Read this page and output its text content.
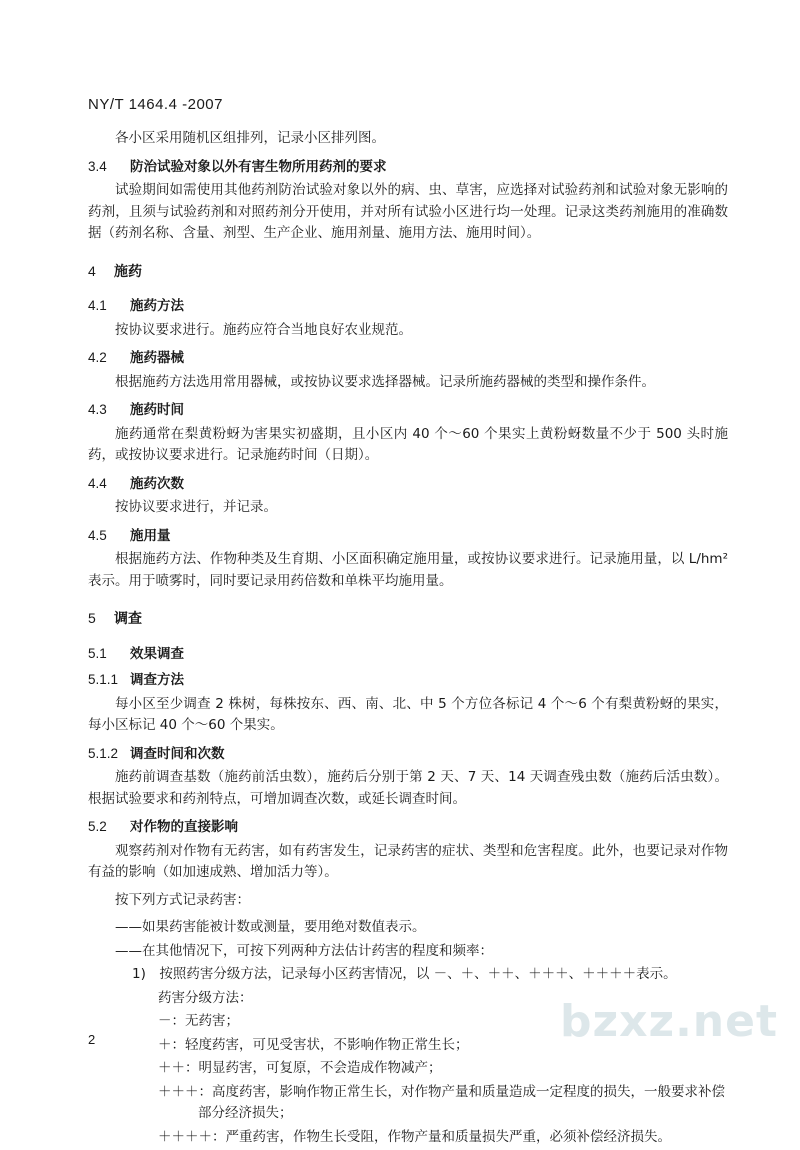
NY/T 1464.4 -2007
各小区采用随机区组排列，记录小区排列图。
3.4 防治试验对象以外有害生物所用药剂的要求
试验期间如需使用其他药剂防治试验对象以外的病、虫、草害，应选择对试验药剂和试验对象无影响的药剂，且须与试验药剂和对照药剂分开使用，并对所有试验小区进行均一处理。记录这类药剂施用的准确数据（药剂名称、含量、剂型、生产企业、施用剂量、施用方法、施用时间）。
4 施药
4.1 施药方法
按协议要求进行。施药应符合当地良好农业规范。
4.2 施药器械
根据施药方法选用常用器械，或按协议要求选择器械。记录所施药器械的类型和操作条件。
4.3 施药时间
施药通常在梨黄粉蚜为害果实初盛期，且小区内 40 个～60 个果实上黄粉蚜数量不少于 500 头时施药，或按协议要求进行。记录施药时间（日期）。
4.4 施药次数
按协议要求进行，并记录。
4.5 施用量
根据施药方法、作物种类及生育期、小区面积确定施用量，或按协议要求进行。记录施用量，以 L/hm² 表示。用于喷雾时，同时要记录用药倍数和单株平均施用量。
5 调查
5.1 效果调查
5.1.1 调查方法
每小区至少调查 2 株树，每株按东、西、南、北、中 5 个方位各标记 4 个～6 个有梨黄粉蚜的果实，每小区标记 40 个～60 个果实。
5.1.2 调查时间和次数
施药前调查基数（施药前活虫数），施药后分别于第 2 天、7 天、14 天调查残虫数（施药后活虫数）。根据试验要求和药剂特点，可增加调查次数，或延长调查时间。
5.2 对作物的直接影响
观察药剂对作物有无药害，如有药害发生，记录药害的症状、类型和危害程度。此外，也要记录对作物有益的影响（如加速成熟、增加活力等）。
按下列方式记录药害：
——如果药害能被计数或测量，要用绝对数值表示。
——在其他情况下，可按下列两种方法估计药害的程度和频率：
1)　按照药害分级方法，记录每小区药害情况，以 －、＋、＋＋、＋＋＋、＋＋＋＋表示。
药害分级方法：
－：无药害；
＋：轻度药害，可见受害状，不影响作物正常生长；
＋＋：明显药害，可复原，不会造成作物减产；
＋＋＋：高度药害，影响作物正常生长，对作物产量和质量造成一定程度的损失，一般要求补偿部分经济损失；
＋＋＋＋：严重药害，作物生长受阻，作物产量和质量损失严重，必须补偿经济损失。
2	bzxz.net
